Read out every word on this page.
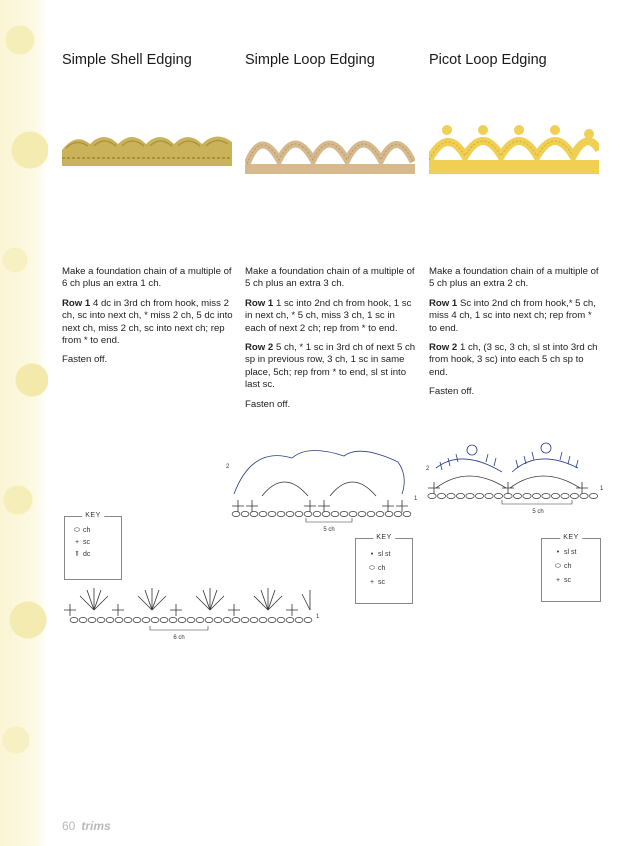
Simple Shell Edging

Make a foundation chain of a multiple of 6 ch plus an extra 1 ch.

Row 1 4 dc in 3rd ch from hook, miss 2 ch, sc into next ch, * miss 2 ch, 5 dc into next ch, miss 2 ch, sc into next ch; rep from * to end.

Fasten off.

KEY
⬭ ch
+ sc
⫪ dc
6 ch
1
Simple Loop Edging

Make a foundation chain of a multiple of 5 ch plus an extra 3 ch.

Row 1 1 sc into 2nd ch from hook, 1 sc in next ch, * 5 ch, miss 3 ch, 1 sc in each of next 2 ch; rep from * to end.

Row 2 5 ch, * 1 sc in 3rd ch of next 5 ch sp in previous row, 3 ch, 1 sc in same place, 5ch; rep from * to end, sl st into last sc.

Fasten off.

KEY
• sl st
⬭ ch
+ sc
2
1
5 ch
Picot Loop Edging

Make a foundation chain of a multiple of 5 ch plus an extra 2 ch.

Row 1 Sc into 2nd ch from hook,* 5 ch, miss 4 ch, 1 sc into next ch; rep from * to end.

Row 2 1 ch, (3 sc, 3 ch, sl st into 3rd ch from hook, 3 sc) into each 5 ch sp to end.

Fasten off.

KEY
• sl st
⬭ ch
+ sc
2
1
5 ch
60 trims
